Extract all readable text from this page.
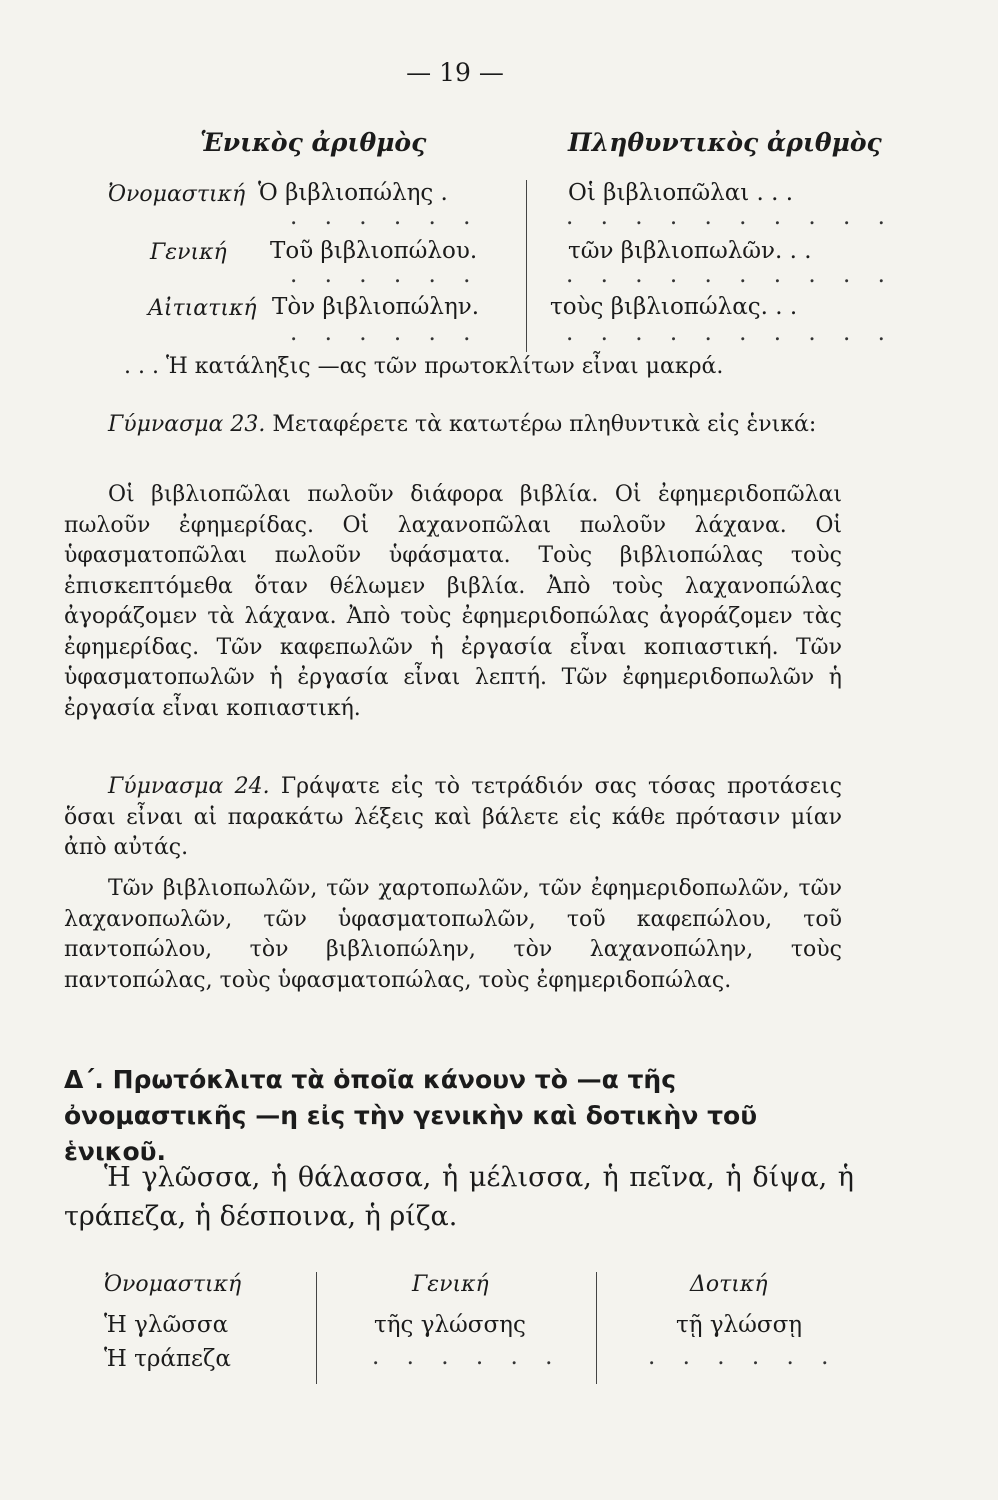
— 19 —
Ἑνικὸς ἀριθμὸς	Πληθυντικὸς ἀριθμὸς
Ὀνομαστική Ὁ βιβλιοπώλης .	Οἱ βιβλιοπῶλαι . . .
. . . . . .	. . . . . . . . . .
Γενική Τοῦ βιβλιοπώλου.	τῶν βιβλιοπωλῶν. . .
. . . . . .	. . . . . . . . . .
Αἰτιατική Τὸν βιβλιοπώλην.	τοὺς βιβλιοπώλας. . .
. . . . . .	. . . . . . . . . .
. . . Ἡ κατάληξις —ας τῶν πρωτοκλίτων εἶναι μακρά.
Γύμνασμα 23. Μεταφέρετε τὰ κατωτέρω πληθυντικὰ εἰς ἑνικά:
Οἱ βιβλιοπῶλαι πωλοῦν διάφορα βιβλία. Οἱ ἐφημεριδοπῶλαι πωλοῦν ἐφημερίδας. Οἱ λαχανοπῶλαι πωλοῦν λάχανα. Οἱ ὑφασματοπῶλαι πωλοῦν ὑφάσματα. Τοὺς βιβλιοπώλας τοὺς ἐπισκεπτόμεθα ὅταν θέλωμεν βιβλία. Ἀπὸ τοὺς λαχανοπώλας ἀγοράζομεν τὰ λάχανα. Ἀπὸ τοὺς ἐφημεριδοπώλας ἀγοράζομεν τὰς ἐφημερίδας. Τῶν καφεπωλῶν ἡ ἐργασία εἶναι κοπιαστική. Τῶν ὑφασματοπωλῶν ἡ ἐργασία εἶναι λεπτή. Τῶν ἐφημεριδοπωλῶν ἡ ἐργασία εἶναι κοπιαστική.
Γύμνασμα 24. Γράψατε εἰς τὸ τετράδιόν σας τόσας προτάσεις ὅσαι εἶναι αἱ παρακάτω λέξεις καὶ βάλετε εἰς κάθε πρότασιν μίαν ἀπὸ αὐτάς.
Τῶν βιβλιοπωλῶν, τῶν χαρτοπωλῶν, τῶν ἐφημεριδοπωλῶν, τῶν λαχανοπωλῶν, τῶν ὑφασματοπωλῶν, τοῦ καφεπώλου, τοῦ παντοπώλου, τὸν βιβλιοπώλην, τὸν λαχανοπώλην, τοὺς παντοπώλας, τοὺς ὑφασματοπώλας, τοὺς ἐφημεριδοπώλας.
Δ΄. Πρωτόκλιτα τὰ ὁποῖα κάνουν τὸ —α τῆς ὀνομαστικῆς —η εἰς τὴν γενικὴν καὶ δοτικὴν τοῦ ἑνικοῦ.
Ἡ γλῶσσα, ἡ θάλασσα, ἡ μέλισσα, ἡ πεῖνα, ἡ δίψα, ἡ τράπεζα, ἡ δέσποινα, ἡ ρίζα.
Ὀνομαστική	Γενική	Δοτική
Ἡ γλῶσσα	τῆς γλώσσης	τῇ γλώσσῃ
Ἡ τράπεζα	. . . . . .	. . . . . .
